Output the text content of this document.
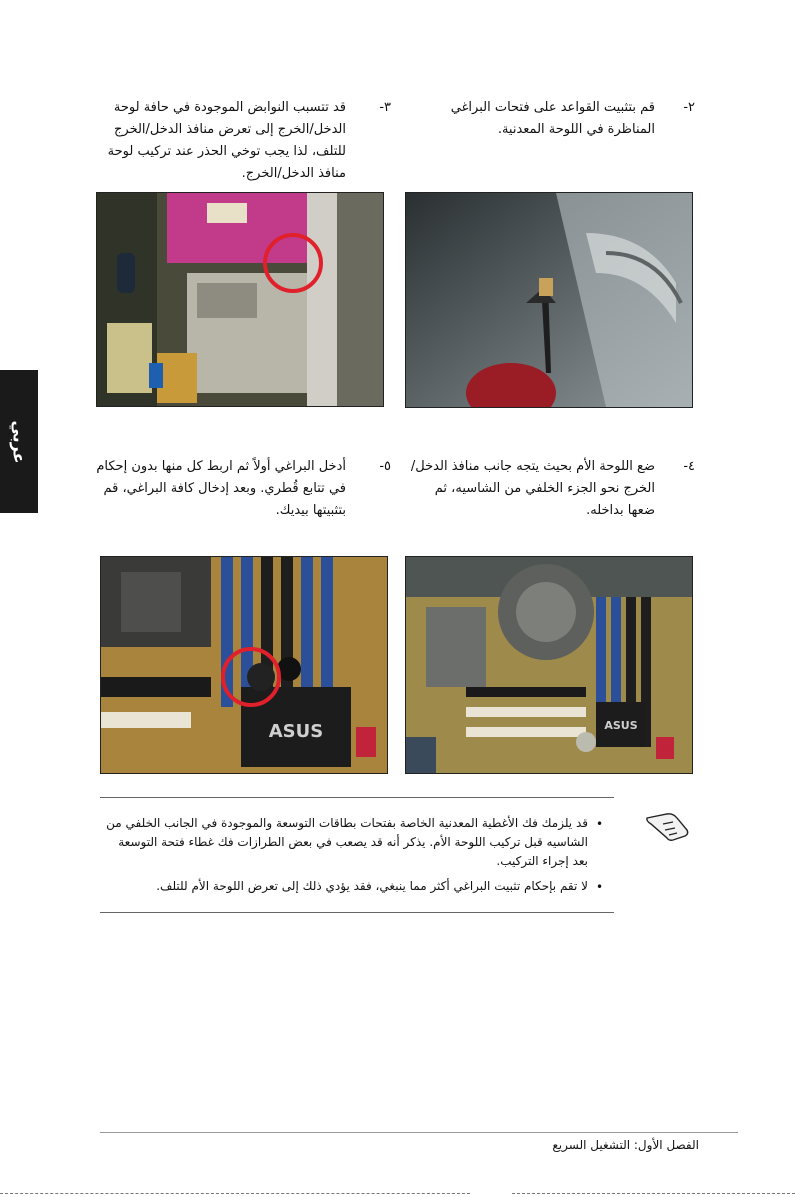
عربي
٢-
قم بتثبيت القواعد على فتحات البراغي المناظرة في اللوحة المعدنية.
٣-
قد تتسبب النوابض الموجودة في حافة لوحة الدخل/الخرج إلى تعرض منافذ الدخل/الخرج للتلف، لذا يجب توخي الحذر عند تركيب لوحة منافذ الدخل/الخرج.
٤-
ضع اللوحة الأم بحيث يتجه جانب منافذ الدخل/الخرج نحو الجزء الخلفي من الشاسيه، ثم ضعها بداخله.
٥-
أدخل البراغي أولاً ثم اربط كل منها بدون إحكام في تتابع قُطري. وبعد إدخال كافة البراغي، قم بتثبيتها بيديك.
ASUS	ASUS
•
قد يلزمك فك الأغطية المعدنية الخاصة بفتحات بطاقات التوسعة والموجودة في الجانب الخلفي من الشاسيه قبل تركيب اللوحة الأم. يذكر أنه قد يصعب في بعض الطرازات فك غطاء فتحة التوسعة بعد إجراء التركيب.
•
لا تقم بإحكام تثبيت البراغي أكثر مما ينبغي، فقد يؤدي ذلك إلى تعرض اللوحة الأم للتلف.
الفصل الأول: التشغيل السريع
